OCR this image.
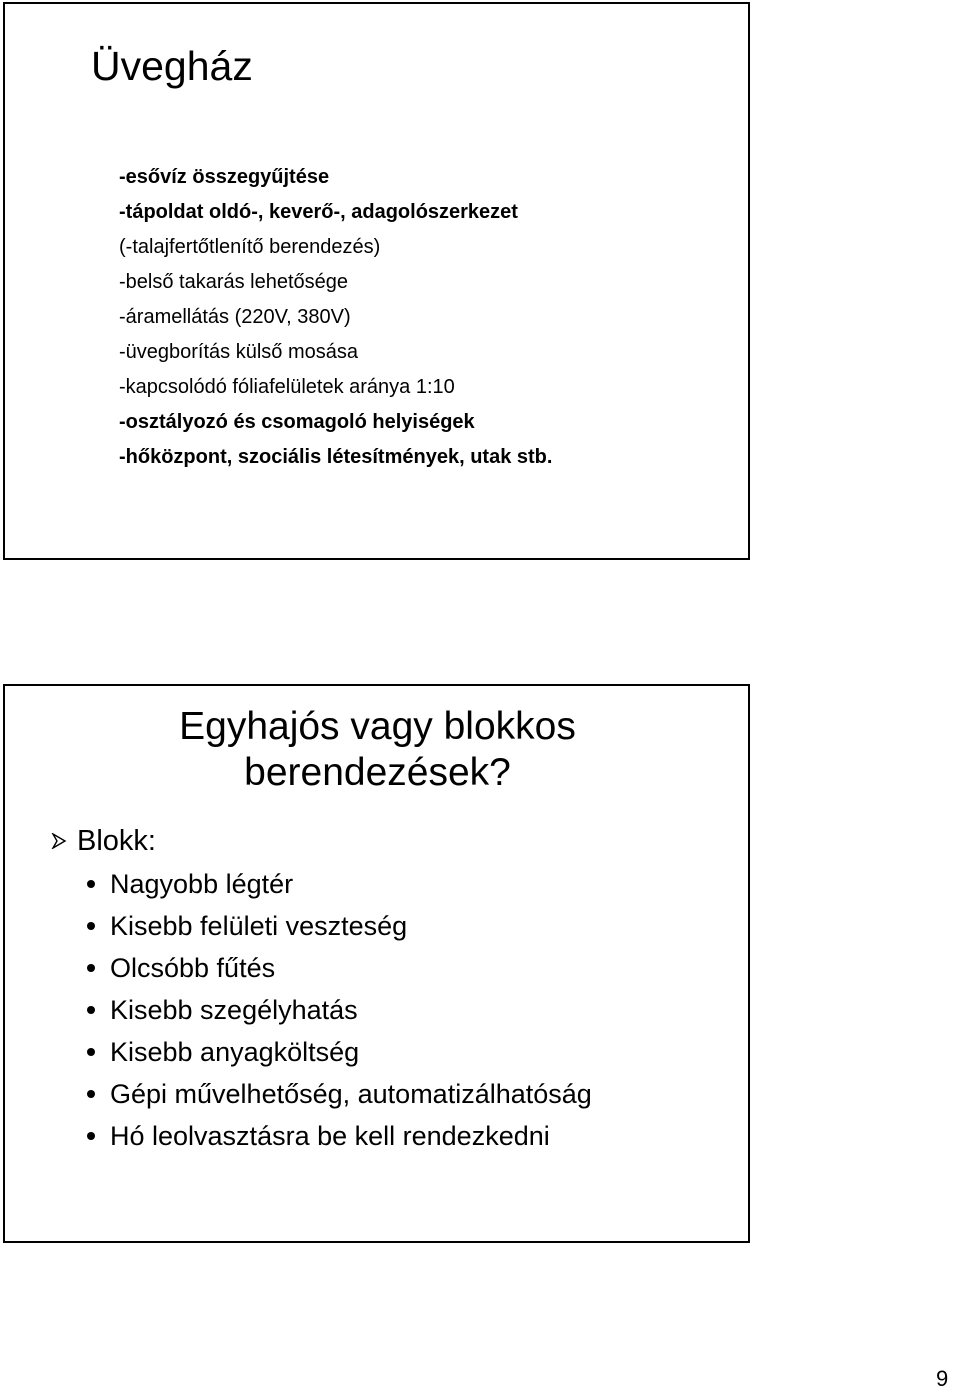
Üvegház
-esővíz összegyűjtése
-tápoldat oldó-, keverő-, adagolószerkezet
(-talajfertőtlenítő berendezés)
-belső takarás lehetősége
-áramellátás (220V, 380V)
-üvegborítás külső mosása
-kapcsolódó fóliafelületek aránya 1:10
-osztályozó és csomagoló helyiségek
-hőközpont, szociális létesítmények, utak stb.
Egyhajós vagy blokkos
berendezések?
Blokk:
Nagyobb légtér
Kisebb felületi veszteség
Olcsóbb fűtés
Kisebb szegélyhatás
Kisebb anyagköltség
Gépi művelhetőség, automatizálhatóság
Hó leolvasztásra be kell rendezkedni
9
